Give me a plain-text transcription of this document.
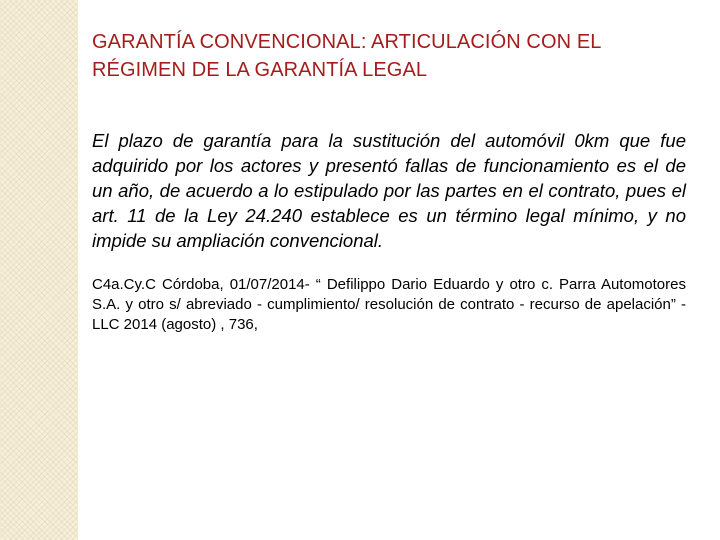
GARANTÍA CONVENCIONAL: ARTICULACIÓN CON EL RÉGIMEN DE LA GARANTÍA LEGAL

El plazo de garantía para la sustitución del automóvil 0km que fue adquirido por los actores y presentó fallas de funcionamiento es el de un año, de acuerdo a lo estipulado por las partes en el contrato, pues el art. 11 de la Ley 24.240 establece es un término legal mínimo, y no impide su ampliación convencional.

C4a.Cy.C Córdoba, 01/07/2014- “ Defilippo Dario Eduardo y otro c. Parra Automotores S.A. y otro s/ abreviado - cumplimiento/ resolución de contrato - recurso de apelación” - LLC 2014 (agosto) , 736,
